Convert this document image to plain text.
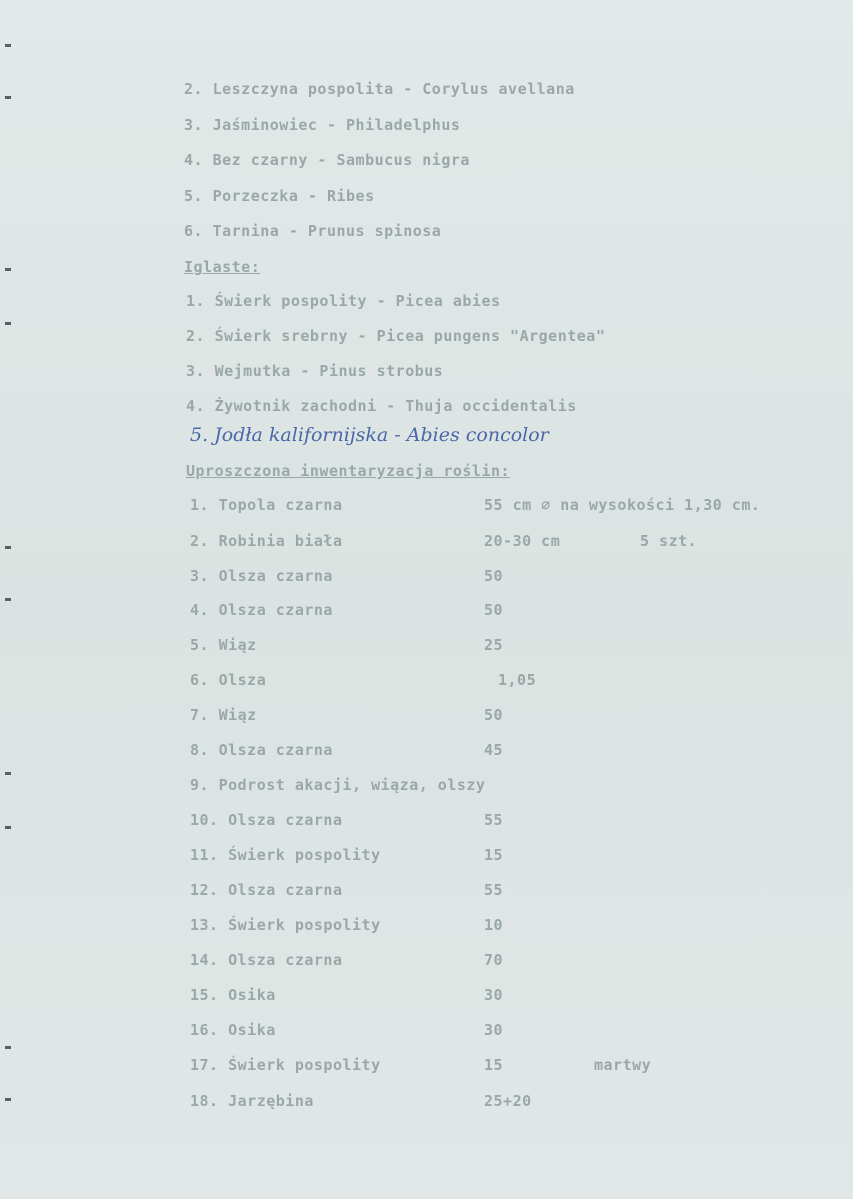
2. Leszczyna pospolita - Corylus avellana
3. Jaśminowiec - Philadelphus
4. Bez czarny - Sambucus nigra
5. Porzeczka - Ribes
6. Tarnina - Prunus spinosa
Iglaste:
1. Świerk pospolity - Picea abies
2. Świerk srebrny - Picea pungens "Argentea"
3. Wejmutka - Pinus strobus
4. Żywotnik zachodni - Thuja occidentalis
5. Jodła kalifornijska - Abies concolor
Uproszczona inwentaryzacja roślin:
1. Topola czarna	55 cm ⌀ na wysokości 1,30 cm.
2. Robinia biała	20-30 cm	5 szt.
3. Olsza czarna	50
4. Olsza czarna	50
5. Wiąz	25
6. Olsza	1,05
7. Wiąz	50
8. Olsza czarna	45
9. Podrost akacji, wiąza, olszy
10. Olsza czarna	55
11. Świerk pospolity	15
12. Olsza czarna	55
13. Świerk pospolity	10
14. Olsza czarna	70
15. Osika	30
16. Osika	30
17. Świerk pospolity	15	martwy
18. Jarzębina	25+20
